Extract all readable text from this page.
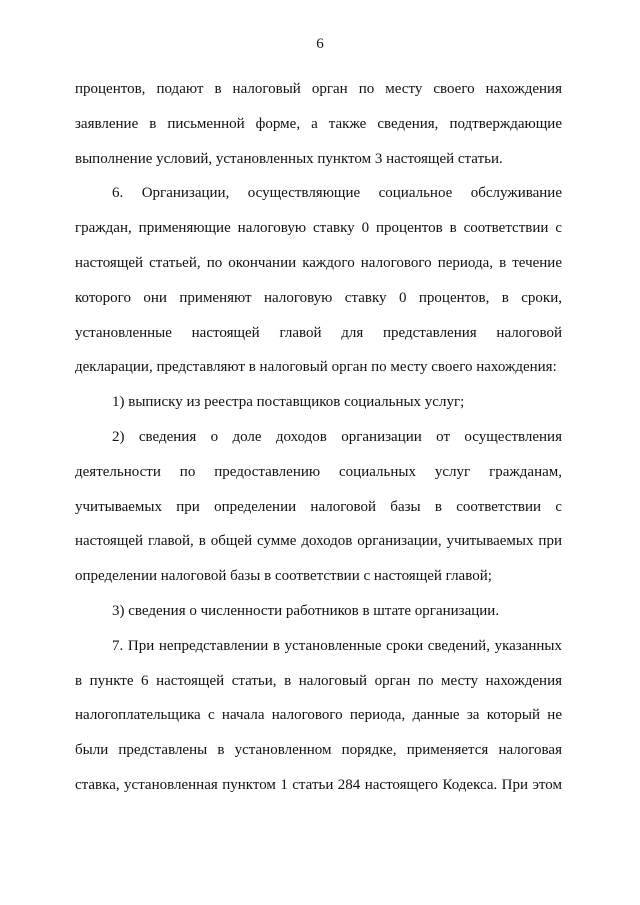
6
процентов, подают в налоговый орган по месту своего нахождения
заявление в письменной форме, а также сведения, подтверждающие
выполнение условий, установленных пунктом 3 настоящей статьи.
6. Организации, осуществляющие социальное обслуживание
граждан, применяющие налоговую ставку 0 процентов в соответствии с
настоящей статьей, по окончании каждого налогового периода, в течение
которого они применяют налоговую ставку 0 процентов, в сроки,
установленные настоящей главой для представления налоговой
декларации, представляют в налоговый орган по месту своего нахождения:
1) выписку из реестра поставщиков социальных услуг;
2) сведения о доле доходов организации от осуществления
деятельности по предоставлению социальных услуг гражданам,
учитываемых при определении налоговой базы в соответствии с
настоящей главой, в общей сумме доходов организации, учитываемых при
определении налоговой базы в соответствии с настоящей главой;
3) сведения о численности работников в штате организации.
7. При непредставлении в установленные сроки сведений, указанных
в пункте 6 настоящей статьи, в налоговый орган по месту нахождения
налогоплательщика с начала налогового периода, данные за который не
были представлены в установленном порядке, применяется налоговая
ставка, установленная пунктом 1 статьи 284 настоящего Кодекса. При этом
